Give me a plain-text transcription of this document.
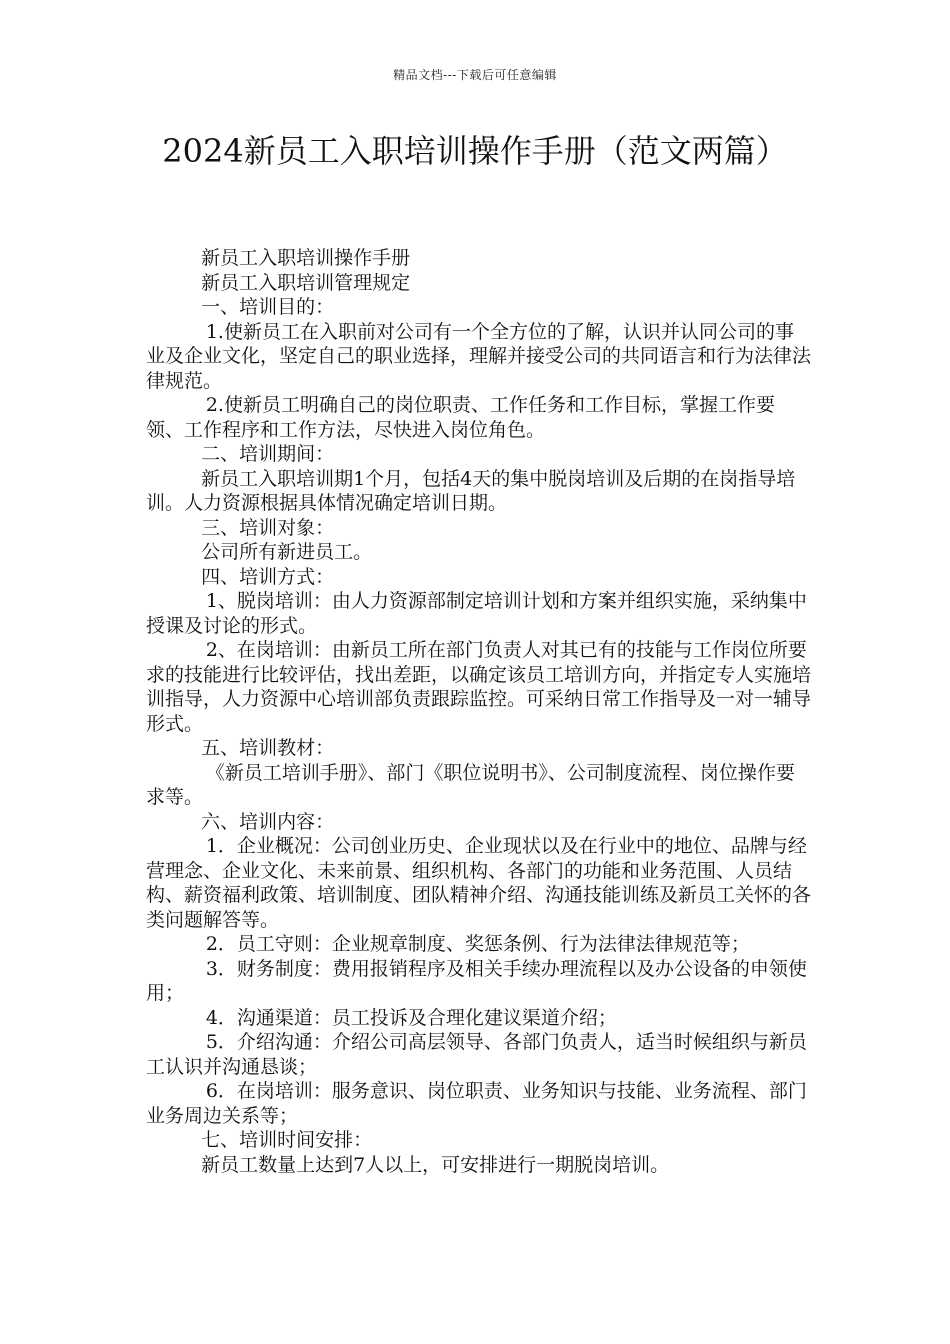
精品文档---下载后可任意编辑
2024新员工入职培训操作手册（范文两篇）

新员工入职培训操作手册

新员工入职培训管理规定

一、培训目的：

1.使新员工在入职前对公司有一个全方位的了解，认识并认同公司的事业及企业文化，坚定自己的职业选择，理解并接受公司的共同语言和行为法律法律规范。

2.使新员工明确自己的岗位职责、工作任务和工作目标，掌握工作要领、工作程序和工作方法，尽快进入岗位角色。

二、培训期间：

新员工入职培训期1个月，包括4天的集中脱岗培训及后期的在岗指导培训。人力资源根据具体情况确定培训日期。

三、培训对象：

公司所有新进员工。

四、培训方式：

1、脱岗培训：由人力资源部制定培训计划和方案并组织实施，采纳集中授课及讨论的形式。

2、在岗培训：由新员工所在部门负责人对其已有的技能与工作岗位所要求的技能进行比较评估，找出差距，以确定该员工培训方向，并指定专人实施培训指导，人力资源中心培训部负责跟踪监控。可采纳日常工作指导及一对一辅导形式。

五、培训教材：

《新员工培训手册》、部门《职位说明书》、公司制度流程、岗位操作要求等。

六、培训内容：

1．企业概况：公司创业历史、企业现状以及在行业中的地位、品牌与经营理念、企业文化、未来前景、组织机构、各部门的功能和业务范围、人员结构、薪资福利政策、培训制度、团队精神介绍、沟通技能训练及新员工关怀的各类问题解答等。

2．员工守则：企业规章制度、奖惩条例、行为法律法律规范等；

3．财务制度：费用报销程序及相关手续办理流程以及办公设备的申领使用；

4．沟通渠道：员工投诉及合理化建议渠道介绍；

5．介绍沟通：介绍公司高层领导、各部门负责人，适当时候组织与新员工认识并沟通恳谈；

6．在岗培训：服务意识、岗位职责、业务知识与技能、业务流程、部门业务周边关系等；

七、培训时间安排：

新员工数量上达到7人以上，可安排进行一期脱岗培训。
